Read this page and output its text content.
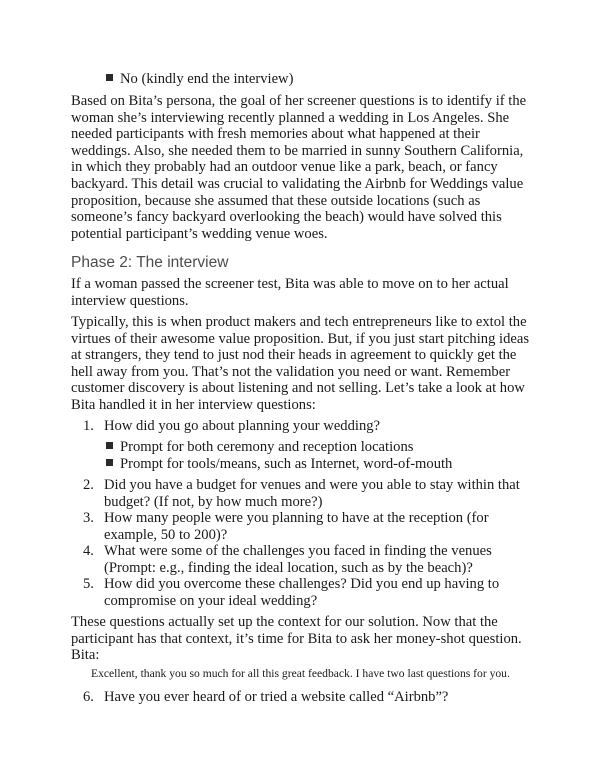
No (kindly end the interview)

Based on Bita’s persona, the goal of her screener questions is to identify if the woman she’s interviewing recently planned a wedding in Los Angeles. She needed participants with fresh memories about what happened at their weddings. Also, she needed them to be married in sunny Southern California, in which they probably had an outdoor venue like a park, beach, or fancy backyard. This detail was crucial to validating the Airbnb for Weddings value proposition, because she assumed that these outside locations (such as someone’s fancy backyard overlooking the beach) would have solved this potential participant’s wedding venue woes.

Phase 2: The interview

If a woman passed the screener test, Bita was able to move on to her actual interview questions.

Typically, this is when product makers and tech entrepreneurs like to extol the virtues of their awesome value proposition. But, if you just start pitching ideas at strangers, they tend to just nod their heads in agreement to quickly get the hell away from you. That’s not the validation you need or want. Remember customer discovery is about listening and not selling. Let’s take a look at how Bita handled it in her interview questions:

1. How did you go about planning your wedding?
Prompt for both ceremony and reception locations
Prompt for tools/means, such as Internet, word-of-mouth
2. Did you have a budget for venues and were you able to stay within that budget? (If not, by how much more?)
3. How many people were you planning to have at the reception (for example, 50 to 200)?
4. What were some of the challenges you faced in finding the venues (Prompt: e.g., finding the ideal location, such as by the beach)?
5. How did you overcome these challenges? Did you end up having to compromise on your ideal wedding?

These questions actually set up the context for our solution. Now that the participant has that context, it’s time for Bita to ask her money-shot question. Bita:

Excellent, thank you so much for all this great feedback. I have two last questions for you.
6. Have you ever heard of or tried a website called “Airbnb”?
